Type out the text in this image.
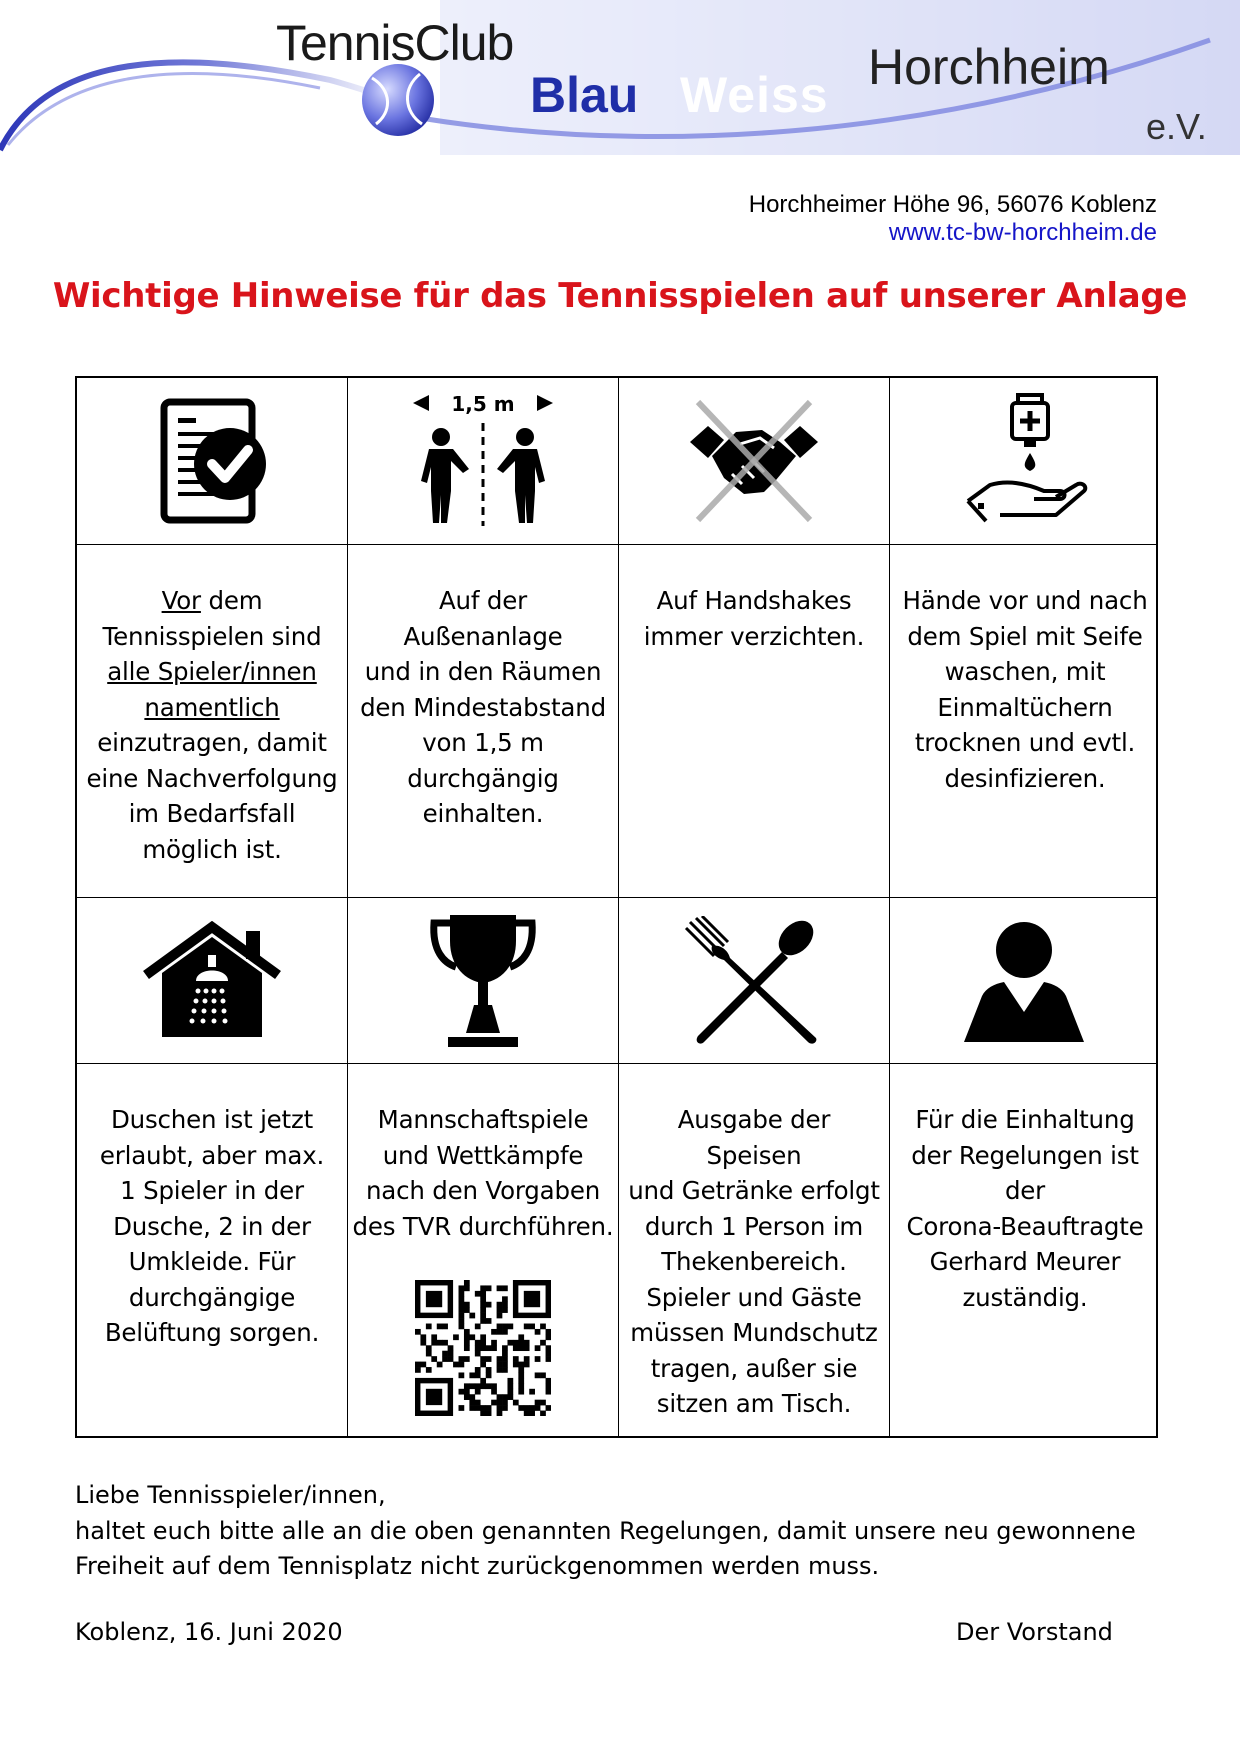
TennisClub
Blau Weiss Horchheim
e.V.
Horchheimer Höhe 96, 56076 Koblenz
www.tc-bw-horchheim.de
Wichtige Hinweise für das Tennisspielen auf unserer Anlage
1,5 m
Vor dem
Tennisspielen sind
alle Spieler/innen
namentlich
einzutragen, damit
eine Nachverfolgung
im Bedarfsfall
möglich ist.
Auf der Außenanlage
und in den Räumen
den Mindestabstand
von 1,5 m
durchgängig
einhalten.
Auf Handshakes
immer verzichten.
Hände vor und nach
dem Spiel mit Seife
waschen, mit
Einmaltüchern
trocknen und evtl.
desinfizieren.
Duschen ist jetzt
erlaubt, aber max.
1 Spieler in der
Dusche, 2 in der
Umkleide. Für
durchgängige
Belüftung sorgen.
Mannschaftspiele
und Wettkämpfe
nach den Vorgaben
des TVR durchführen.
Ausgabe der Speisen
und Getränke erfolgt
durch 1 Person im
Thekenbereich.
Spieler und Gäste
müssen Mundschutz
tragen, außer sie
sitzen am Tisch.
Für die Einhaltung
der Regelungen ist
der
Corona-Beauftragte
Gerhard Meurer
zuständig.
Liebe Tennisspieler/innen,
haltet euch bitte alle an die oben genannten Regelungen, damit unsere neu gewonnene
Freiheit auf dem Tennisplatz nicht zurückgenommen werden muss.
Koblenz, 16. Juni 2020	Der Vorstand
